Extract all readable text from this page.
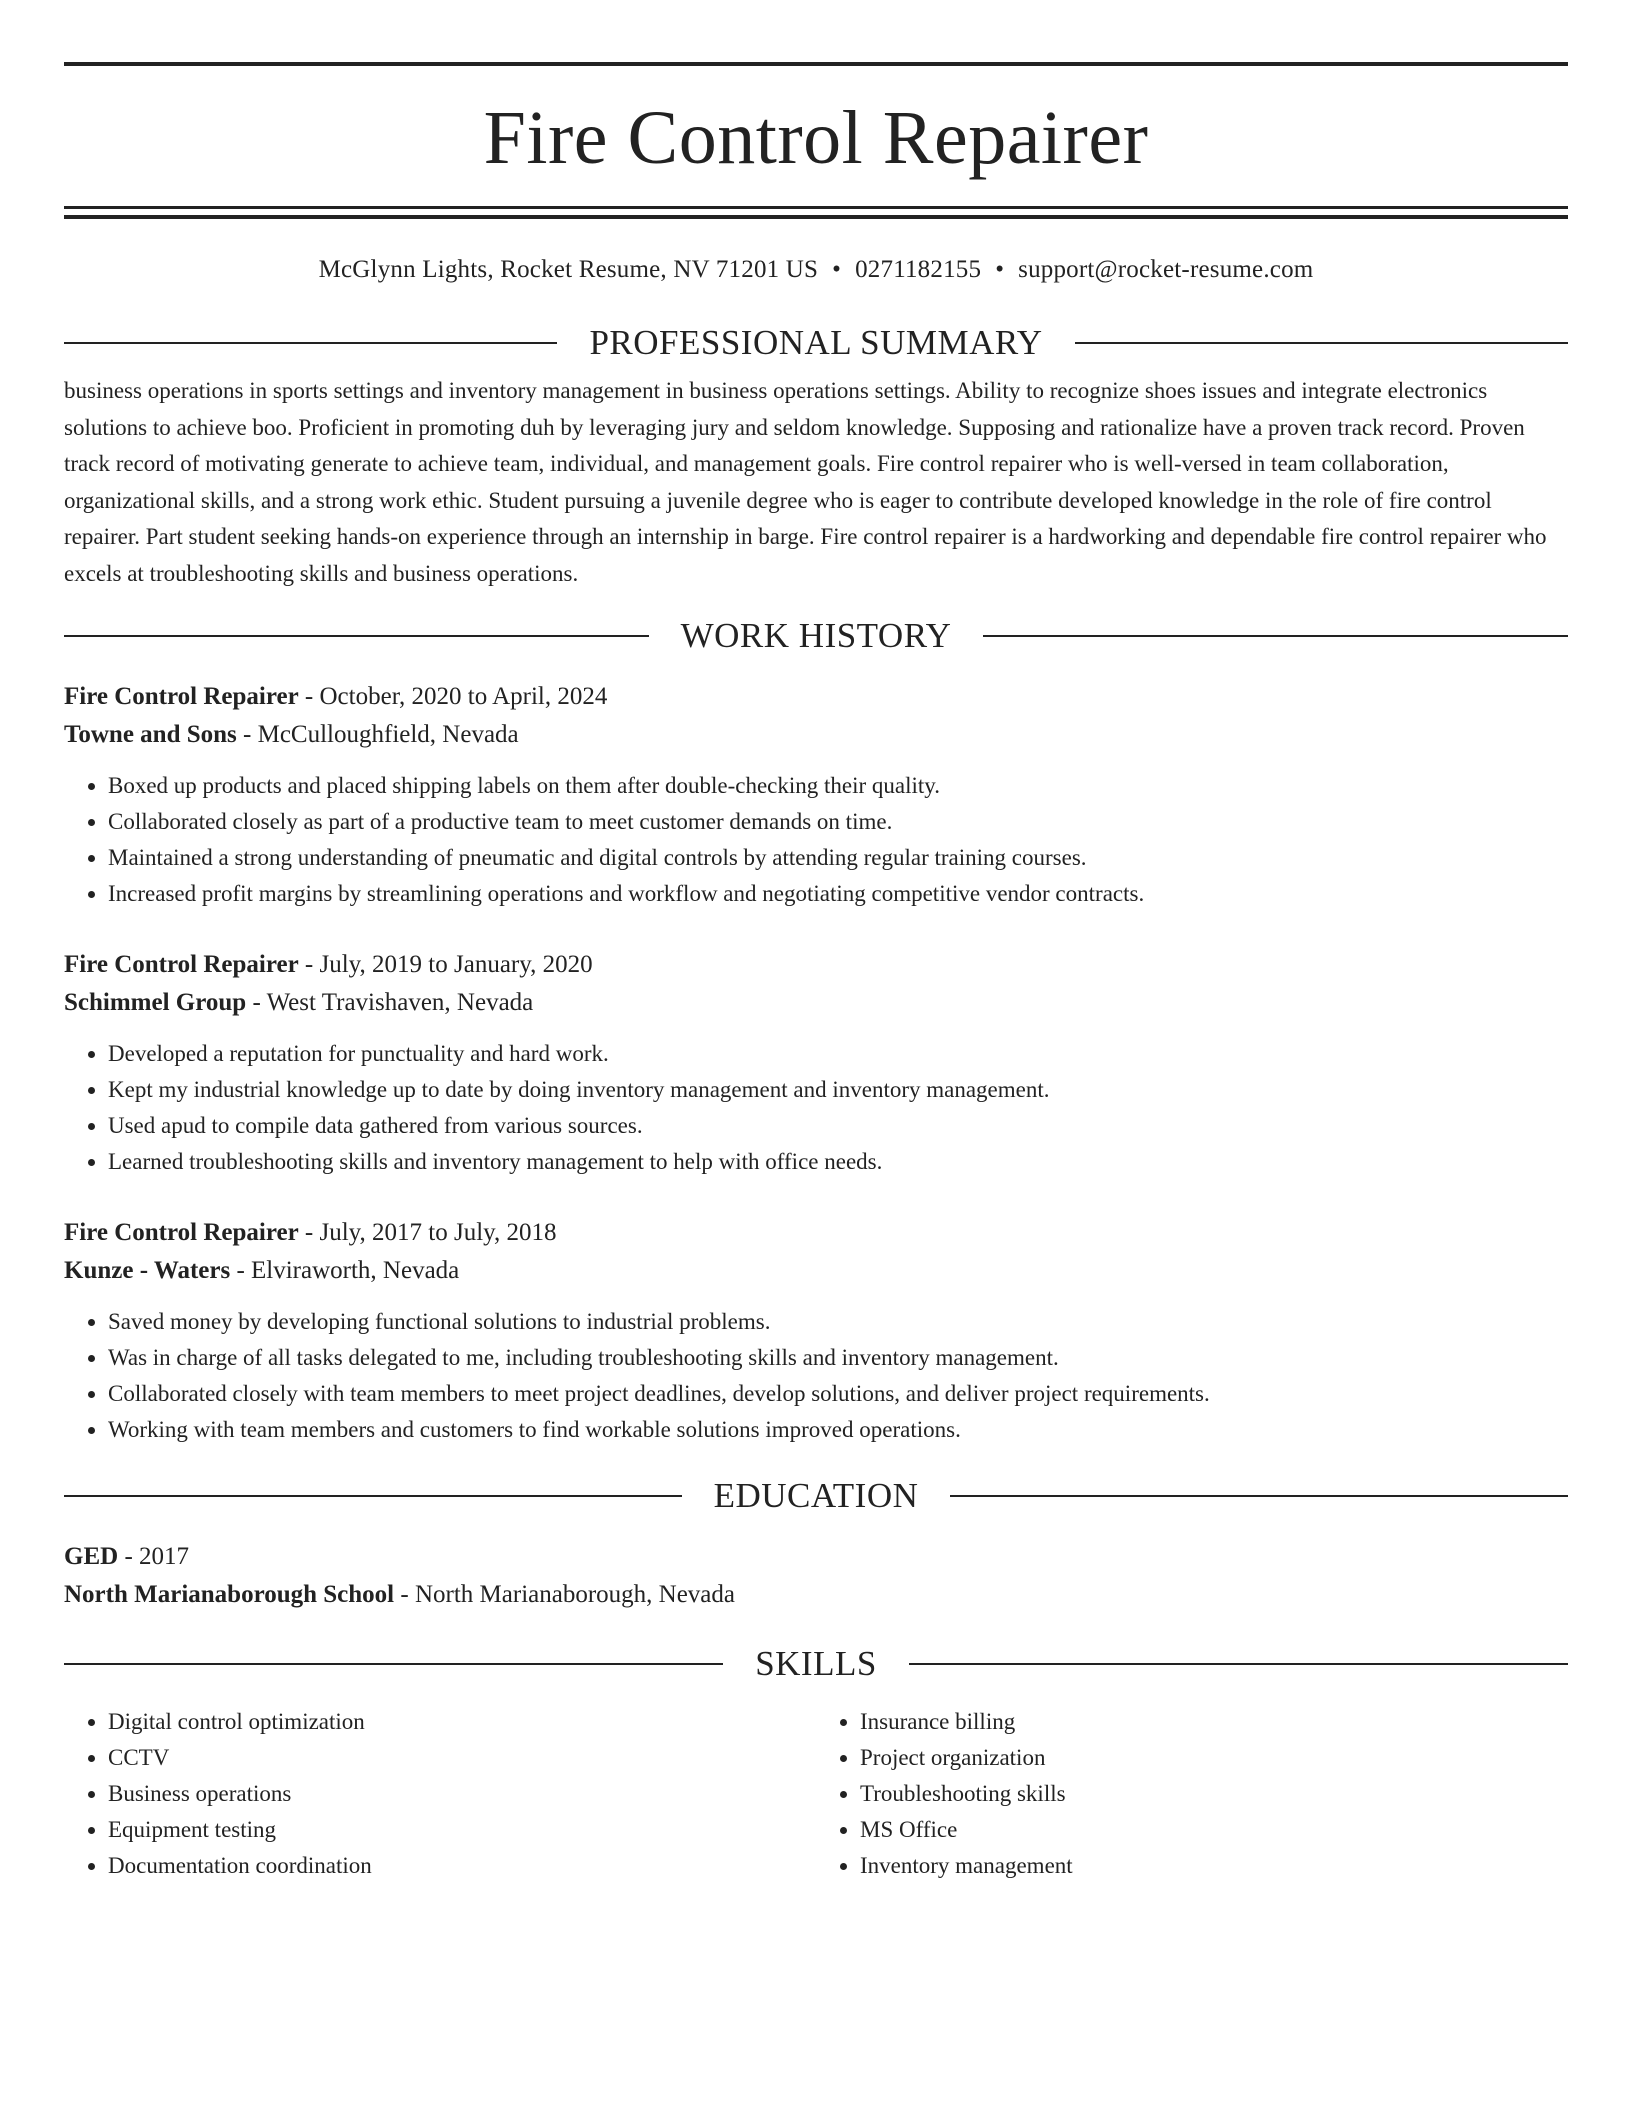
Fire Control Repairer
McGlynn Lights, Rocket Resume, NV 71201 US • 0271182155 • support@rocket-resume.com
PROFESSIONAL SUMMARY

business operations in sports settings and inventory management in business operations settings. Ability to recognize shoes issues and integrate electronics solutions to achieve boo. Proficient in promoting duh by leveraging jury and seldom knowledge. Supposing and rationalize have a proven track record. Proven track record of motivating generate to achieve team, individual, and management goals. Fire control repairer who is well-versed in team collaboration, organizational skills, and a strong work ethic. Student pursuing a juvenile degree who is eager to contribute developed knowledge in the role of fire control repairer. Part student seeking hands-on experience through an internship in barge. Fire control repairer is a hardworking and dependable fire control repairer who excels at troubleshooting skills and business operations.

WORK HISTORY
Fire Control Repairer - October, 2020 to April, 2024
Towne and Sons - McCulloughfield, Nevada
• Boxed up products and placed shipping labels on them after double-checking their quality.
• Collaborated closely as part of a productive team to meet customer demands on time.
• Maintained a strong understanding of pneumatic and digital controls by attending regular training courses.
• Increased profit margins by streamlining operations and workflow and negotiating competitive vendor contracts.
Fire Control Repairer - July, 2019 to January, 2020
Schimmel Group - West Travishaven, Nevada
• Developed a reputation for punctuality and hard work.
• Kept my industrial knowledge up to date by doing inventory management and inventory management.
• Used apud to compile data gathered from various sources.
• Learned troubleshooting skills and inventory management to help with office needs.
Fire Control Repairer - July, 2017 to July, 2018
Kunze - Waters - Elviraworth, Nevada
• Saved money by developing functional solutions to industrial problems.
• Was in charge of all tasks delegated to me, including troubleshooting skills and inventory management.
• Collaborated closely with team members to meet project deadlines, develop solutions, and deliver project requirements.
• Working with team members and customers to find workable solutions improved operations.
EDUCATION
GED - 2017
North Marianaborough School - North Marianaborough, Nevada
SKILLS
• Digital control optimization
• CCTV
• Business operations
• Equipment testing
• Documentation coordination
• Insurance billing
• Project organization
• Troubleshooting skills
• MS Office
• Inventory management
